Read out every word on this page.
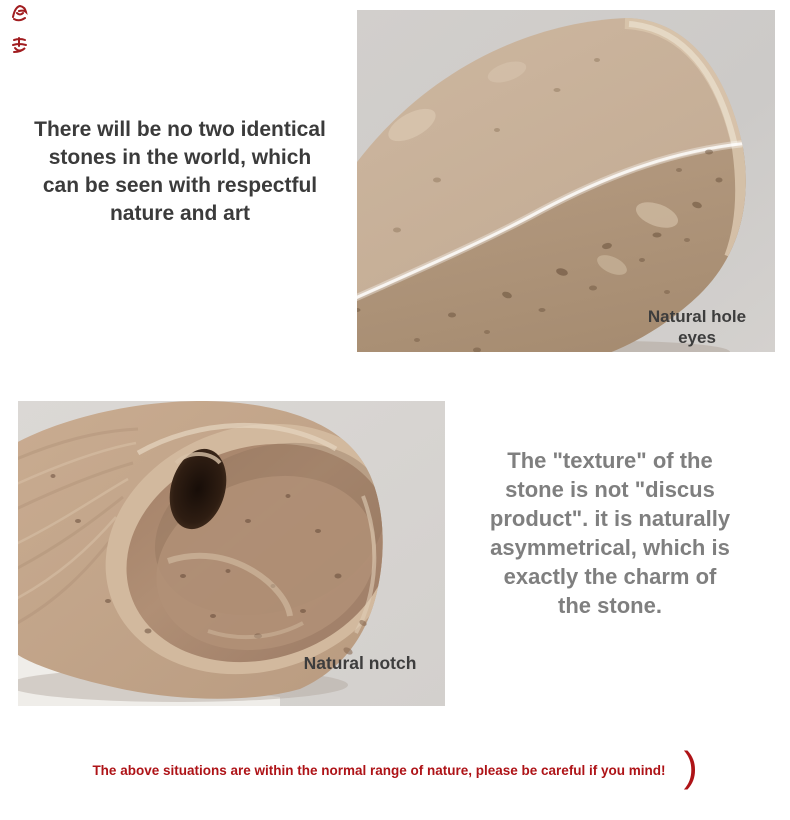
There will be no two identical
stones in the world, which
can be seen with respectful
nature and art
Natural hole
eyes
Natural notch
The "texture" of the
stone is not "discus
product". it is naturally
asymmetrical, which is
exactly the charm of
the stone.
The above situations are within the normal range of nature, please be careful if you mind! )
